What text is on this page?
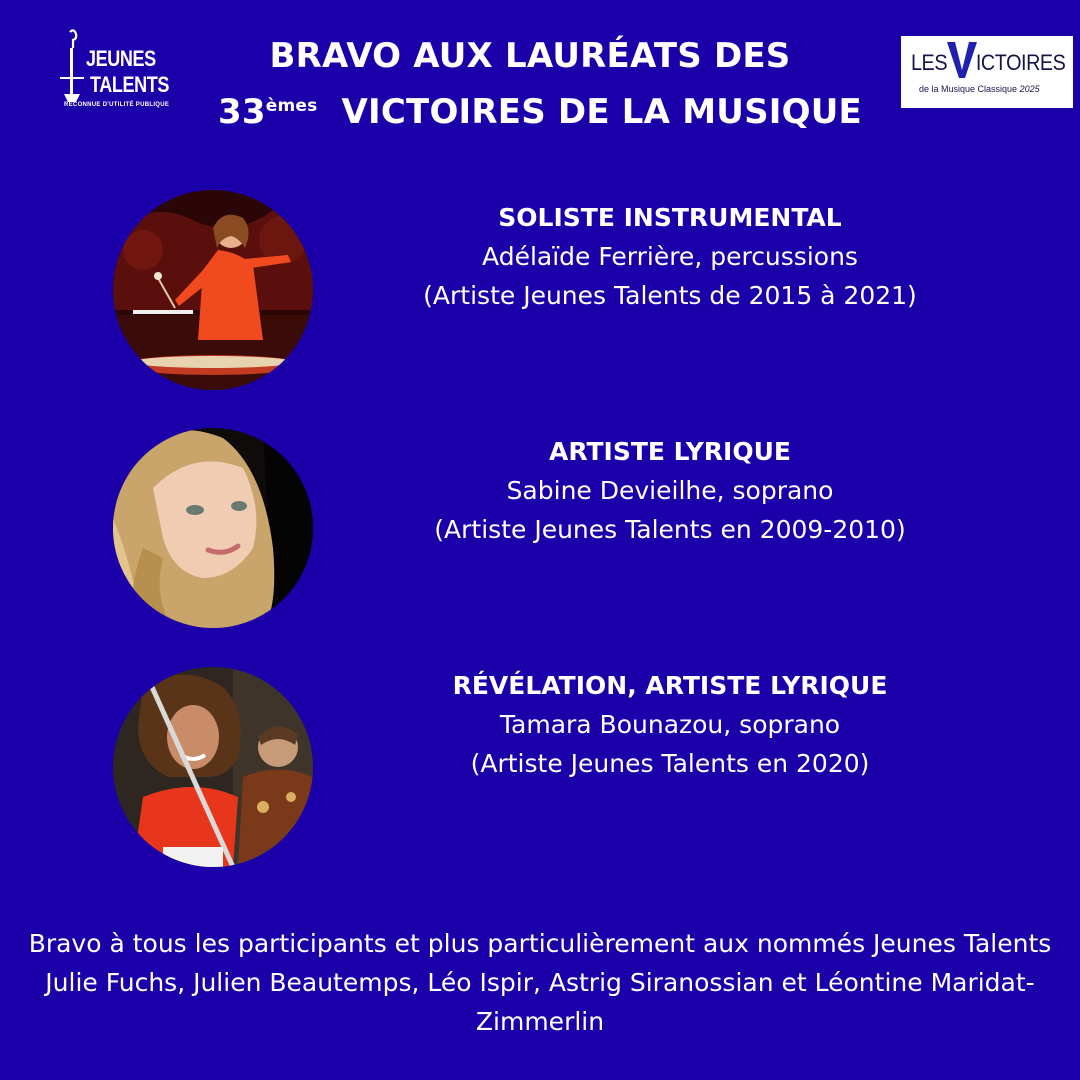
JEUNES
TALENTS
RECONNUE D'UTILITÉ PUBLIQUE
BRAVO AUX LAURÉATS DES
33èmes VICTOIRES DE LA MUSIQUE
LES ICTOIRES
de la Musique Classique 2025
SOLISTE INSTRUMENTAL
Adélaïde Ferrière, percussions
(Artiste Jeunes Talents de 2015 à 2021)
ARTISTE LYRIQUE
Sabine Devieilhe, soprano
(Artiste Jeunes Talents en 2009-2010)
RÉVÉLATION, ARTISTE LYRIQUE
Tamara Bounazou, soprano
(Artiste Jeunes Talents en 2020)
Bravo à tous les participants et plus particulièrement aux nommés Jeunes Talents Julie Fuchs, Julien Beautemps, Léo Ispir, Astrig Siranossian et Léontine Maridat-Zimmerlin
